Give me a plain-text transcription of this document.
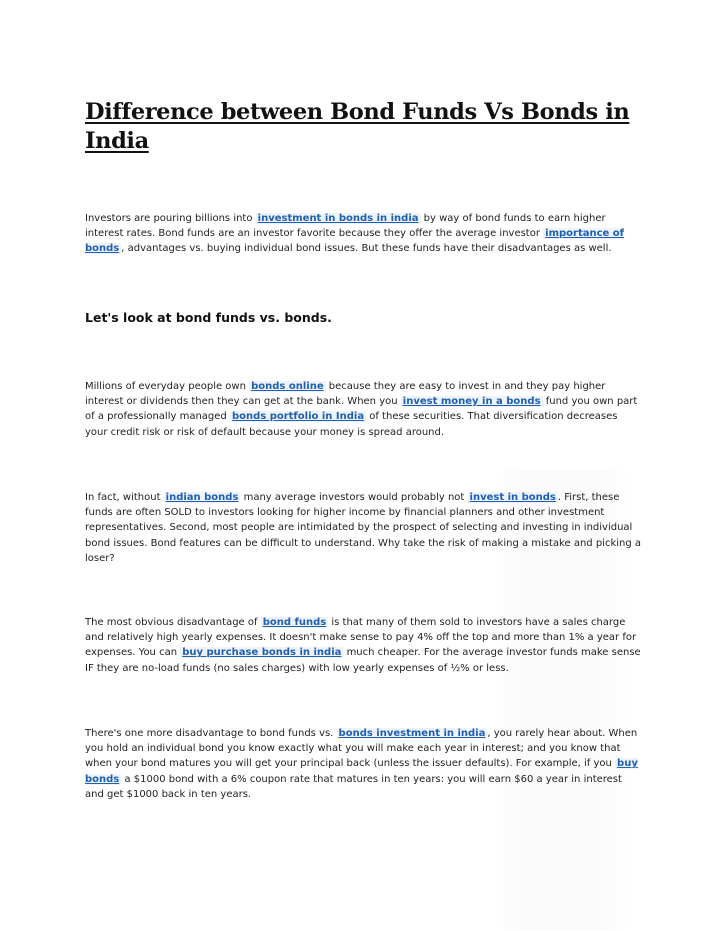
Difference between Bond Funds Vs Bonds in India

Investors are pouring billions into investment in bonds in india by way of bond funds to earn higher interest rates. Bond funds are an investor favorite because they offer the average investor importance of bonds , advantages vs. buying individual bond issues. But these funds have their disadvantages as well.

Let's look at bond funds vs. bonds.

Millions of everyday people own bonds online because they are easy to invest in and they pay higher interest or dividends then they can get at the bank. When you invest money in a bonds fund you own part of a professionally managed bonds portfolio in India of these securities. That diversification decreases your credit risk or risk of default because your money is spread around.

In fact, without indian bonds many average investors would probably not invest in bonds . First, these funds are often SOLD to investors looking for higher income by financial planners and other investment representatives. Second, most people are intimidated by the prospect of selecting and investing in individual bond issues. Bond features can be difficult to understand. Why take the risk of making a mistake and picking a loser?

The most obvious disadvantage of bond funds is that many of them sold to investors have a sales charge and relatively high yearly expenses. It doesn't make sense to pay 4% off the top and more than 1% a year for expenses. You can buy purchase bonds in india much cheaper. For the average investor funds make sense IF they are no-load funds (no sales charges) with low yearly expenses of ½% or less.

There's one more disadvantage to bond funds vs. bonds investment in india , you rarely hear about. When you hold an individual bond you know exactly what you will make each year in interest; and you know that when your bond matures you will get your principal back (unless the issuer defaults). For example, if you buy bonds a $1000 bond with a 6% coupon rate that matures in ten years: you will earn $60 a year in interest and get $1000 back in ten years.
